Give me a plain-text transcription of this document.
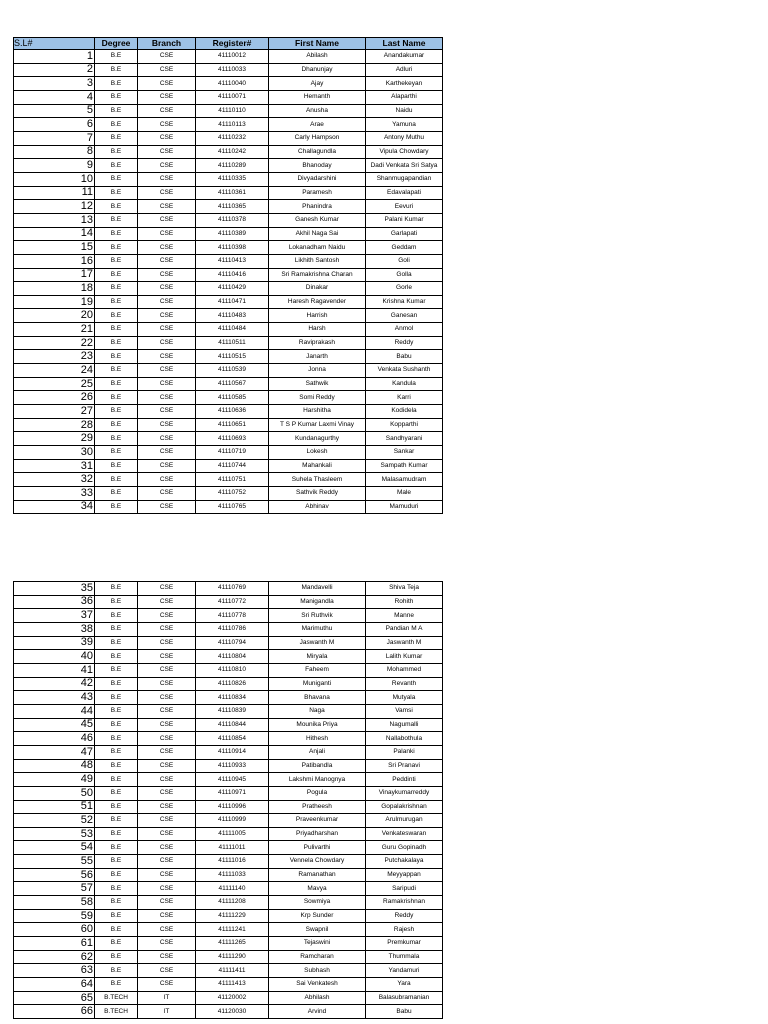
S.L#	Degree	Branch	Register#	First Name	Last Name
1	B.E	CSE	41110012	Abilash	Anandakumar
2	B.E	CSE	41110033	Dhanunjay	Adluri
3	B.E	CSE	41110040	Ajay	Karthekeyan
4	B.E	CSE	41110071	Hemanth	Alaparthi
5	B.E	CSE	41110110	Anusha	Naidu
6	B.E	CSE	41110113	Arae	Yamuna
7	B.E	CSE	41110232	Carly Hampson	Antony Muthu
8	B.E	CSE	41110242	Challagundla	Vipula Chowdary
9	B.E	CSE	41110289	Bhanoday	Dadi Venkata Sri Satya
10	B.E	CSE	41110335	Divyadarshini	Shanmugapandian
11	B.E	CSE	41110361	Paramesh	Edavalapati
12	B.E	CSE	41110365	Phanindra	Eevuri
13	B.E	CSE	41110378	Ganesh Kumar	Palani Kumar
14	B.E	CSE	41110389	Akhil Naga Sai	Garlapati
15	B.E	CSE	41110398	Lokanadham Naidu	Geddam
16	B.E	CSE	41110413	Likhith Santosh	Goli
17	B.E	CSE	41110416	Sri Ramakrishna Charan	Golla
18	B.E	CSE	41110429	Dinakar	Gorle
19	B.E	CSE	41110471	Haresh Ragavender	Krishna Kumar
20	B.E	CSE	41110483	Harrish	Ganesan
21	B.E	CSE	41110484	Harsh	Anmol
22	B.E	CSE	41110511	Raviprakash	Reddy
23	B.E	CSE	41110515	Janarth	Babu
24	B.E	CSE	41110539	Jonna	Venkata Sushanth
25	B.E	CSE	41110567	Sathwik	Kandula
26	B.E	CSE	41110585	Somi Reddy	Karri
27	B.E	CSE	41110636	Harshitha	Kodidela
28	B.E	CSE	41110651	T S P Kumar Laxmi Vinay	Kopparthi
29	B.E	CSE	41110693	Kundanagurthy	Sandhyarani
30	B.E	CSE	41110719	Lokesh	Sankar
31	B.E	CSE	41110744	Mahankali	Sampath Kumar
32	B.E	CSE	41110751	Suhela Thasleem	Malasamudram
33	B.E	CSE	41110752	Sathvik Reddy	Male
34	B.E	CSE	41110765	Abhinav	Mamuduri
35	B.E	CSE	41110769	Mandavelli	Shiva Teja
36	B.E	CSE	41110772	Manigandla	Rohith
37	B.E	CSE	41110778	Sri Ruthvik	Manne
38	B.E	CSE	41110786	Marimuthu	Pandian M A
39	B.E	CSE	41110794	Jaswanth M	Jaswanth M
40	B.E	CSE	41110804	Miryala	Lalith Kumar
41	B.E	CSE	41110810	Faheem	Mohammed
42	B.E	CSE	41110826	Muniganti	Revanth
43	B.E	CSE	41110834	Bhavana	Mutyala
44	B.E	CSE	41110839	Naga	Vamsi
45	B.E	CSE	41110844	Mounika Priya	Nagumalli
46	B.E	CSE	41110854	Hithesh	Nallabothula
47	B.E	CSE	41110914	Anjali	Palanki
48	B.E	CSE	41110933	Patibandla	Sri Pranavi
49	B.E	CSE	41110945	Lakshmi Manognya	Peddinti
50	B.E	CSE	41110971	Pogula	Vinaykumarreddy
51	B.E	CSE	41110996	Pratheesh	Gopalakrishnan
52	B.E	CSE	41110999	Praveenkumar	Arulmurugan
53	B.E	CSE	41111005	Priyadharshan	Venkateswaran
54	B.E	CSE	41111011	Pulivarthi	Guru Gopinadh
55	B.E	CSE	41111016	Vennela Chowdary	Putchakalaya
56	B.E	CSE	41111033	Ramanathan	Meyyappan
57	B.E	CSE	41111140	Mavya	Saripudi
58	B.E	CSE	41111208	Sowmiya	Ramakrishnan
59	B.E	CSE	41111229	Krp Sunder	Reddy
60	B.E	CSE	41111241	Swapnil	Rajesh
61	B.E	CSE	41111265	Tejaswini	Premkumar
62	B.E	CSE	41111290	Ramcharan	Thummala
63	B.E	CSE	41111411	Subhash	Yandamuri
64	B.E	CSE	41111413	Sai Venkatesh	Yara
65	B.TECH	IT	41120002	Abhilash	Balasubramanian
66	B.TECH	IT	41120030	Arvind	Babu
